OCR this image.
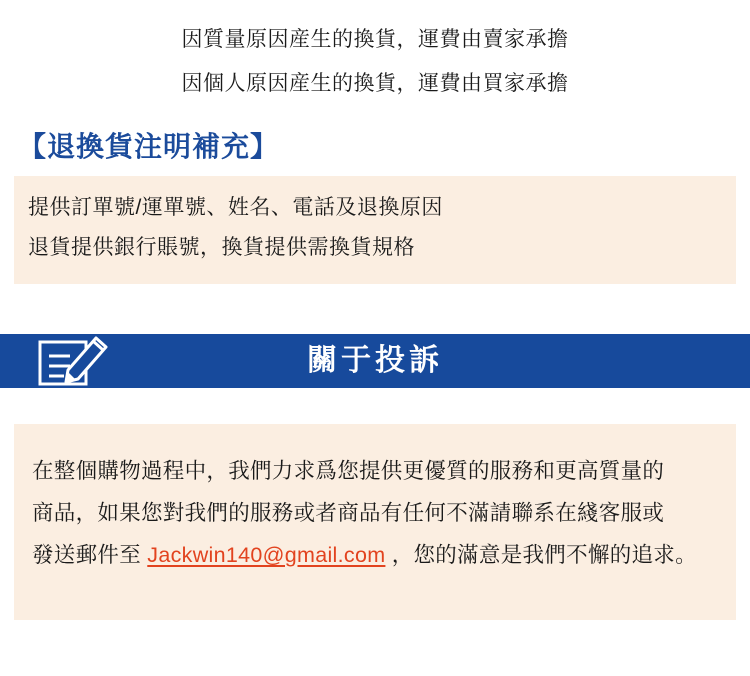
因質量原因産生的換貨，運費由賣家承擔
因個人原因産生的換貨，運費由買家承擔
【退換貨注明補充】
提供訂單號/運單號、姓名、電話及退換原因
退貨提供銀行賬號，換貨提供需換貨規格
關于投訴
在整個購物過程中，我們力求爲您提供更優質的服務和更高質量的
商品，如果您對我們的服務或者商品有任何不滿請聯系在綫客服或
發送郵件至 Jackwin140@gmail.com ，您的滿意是我們不懈的追求。
